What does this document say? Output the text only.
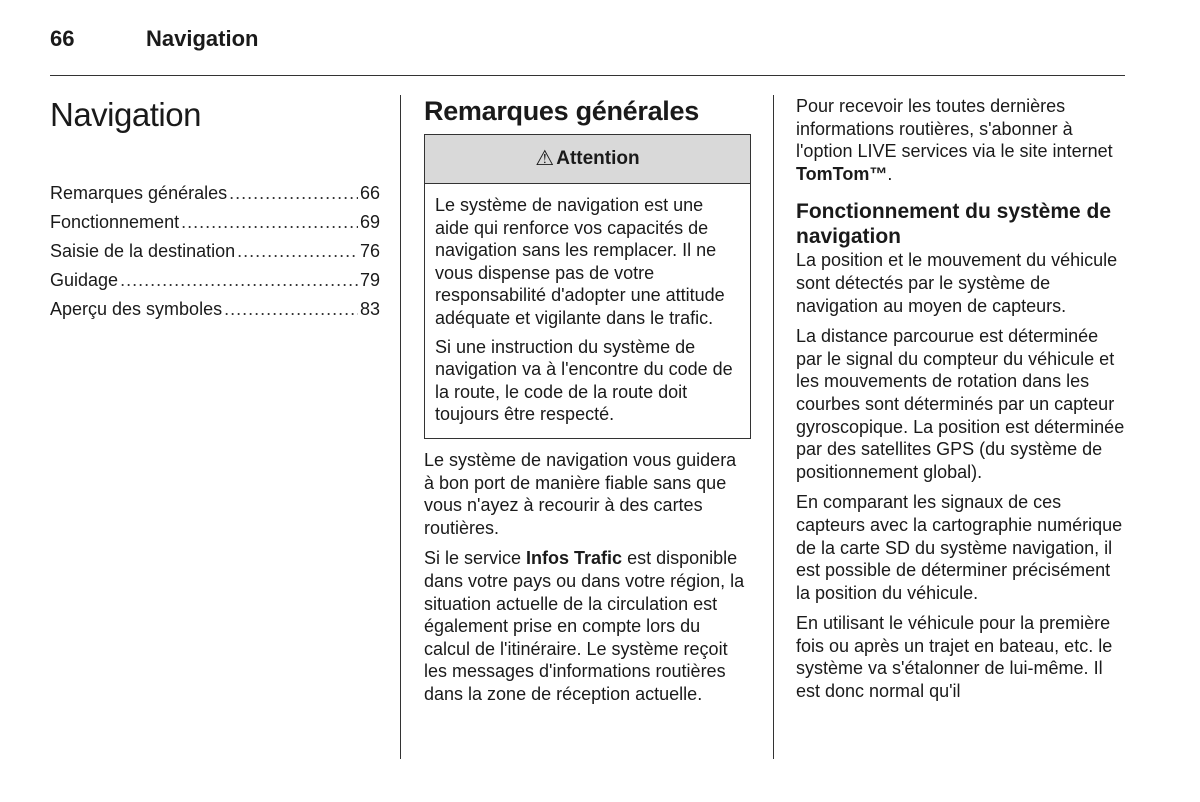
66	Navigation
Navigation
Remarques générales .....	66
Fonctionnement .....	69
Saisie de la destination .....	76
Guidage .....	79
Aperçu des symboles .....	83
Remarques générales
⚠ Attention

Le système de navigation est une aide qui renforce vos capacités de navigation sans les remplacer. Il ne vous dispense pas de votre responsabilité d'adopter une attitude adéquate et vigilante dans le trafic.

Si une instruction du système de navigation va à l'encontre du code de la route, le code de la route doit toujours être respecté.

Le système de navigation vous guidera à bon port de manière fiable sans que vous n'ayez à recourir à des cartes routières.

Si le service Infos Trafic est disponible dans votre pays ou dans votre région, la situation actuelle de la circulation est également prise en compte lors du calcul de l'itinéraire. Le système reçoit les messages d'informations routières dans la zone de réception actuelle.

Pour recevoir les toutes dernières informations routières, s'abonner à l'option LIVE services via le site internet TomTom™.

Fonctionnement du système de navigation

La position et le mouvement du véhicule sont détectés par le système de navigation au moyen de capteurs.

La distance parcourue est déterminée par le signal du compteur du véhicule et les mouvements de rotation dans les courbes sont déterminés par un capteur gyroscopique. La position est déterminée par des satellites GPS (du système de positionnement global).

En comparant les signaux de ces capteurs avec la cartographie numérique de la carte SD du système navigation, il est possible de déterminer précisément la position du véhicule.

En utilisant le véhicule pour la première fois ou après un trajet en bateau, etc. le système va s'étalonner de lui-même. Il est donc normal qu'il
